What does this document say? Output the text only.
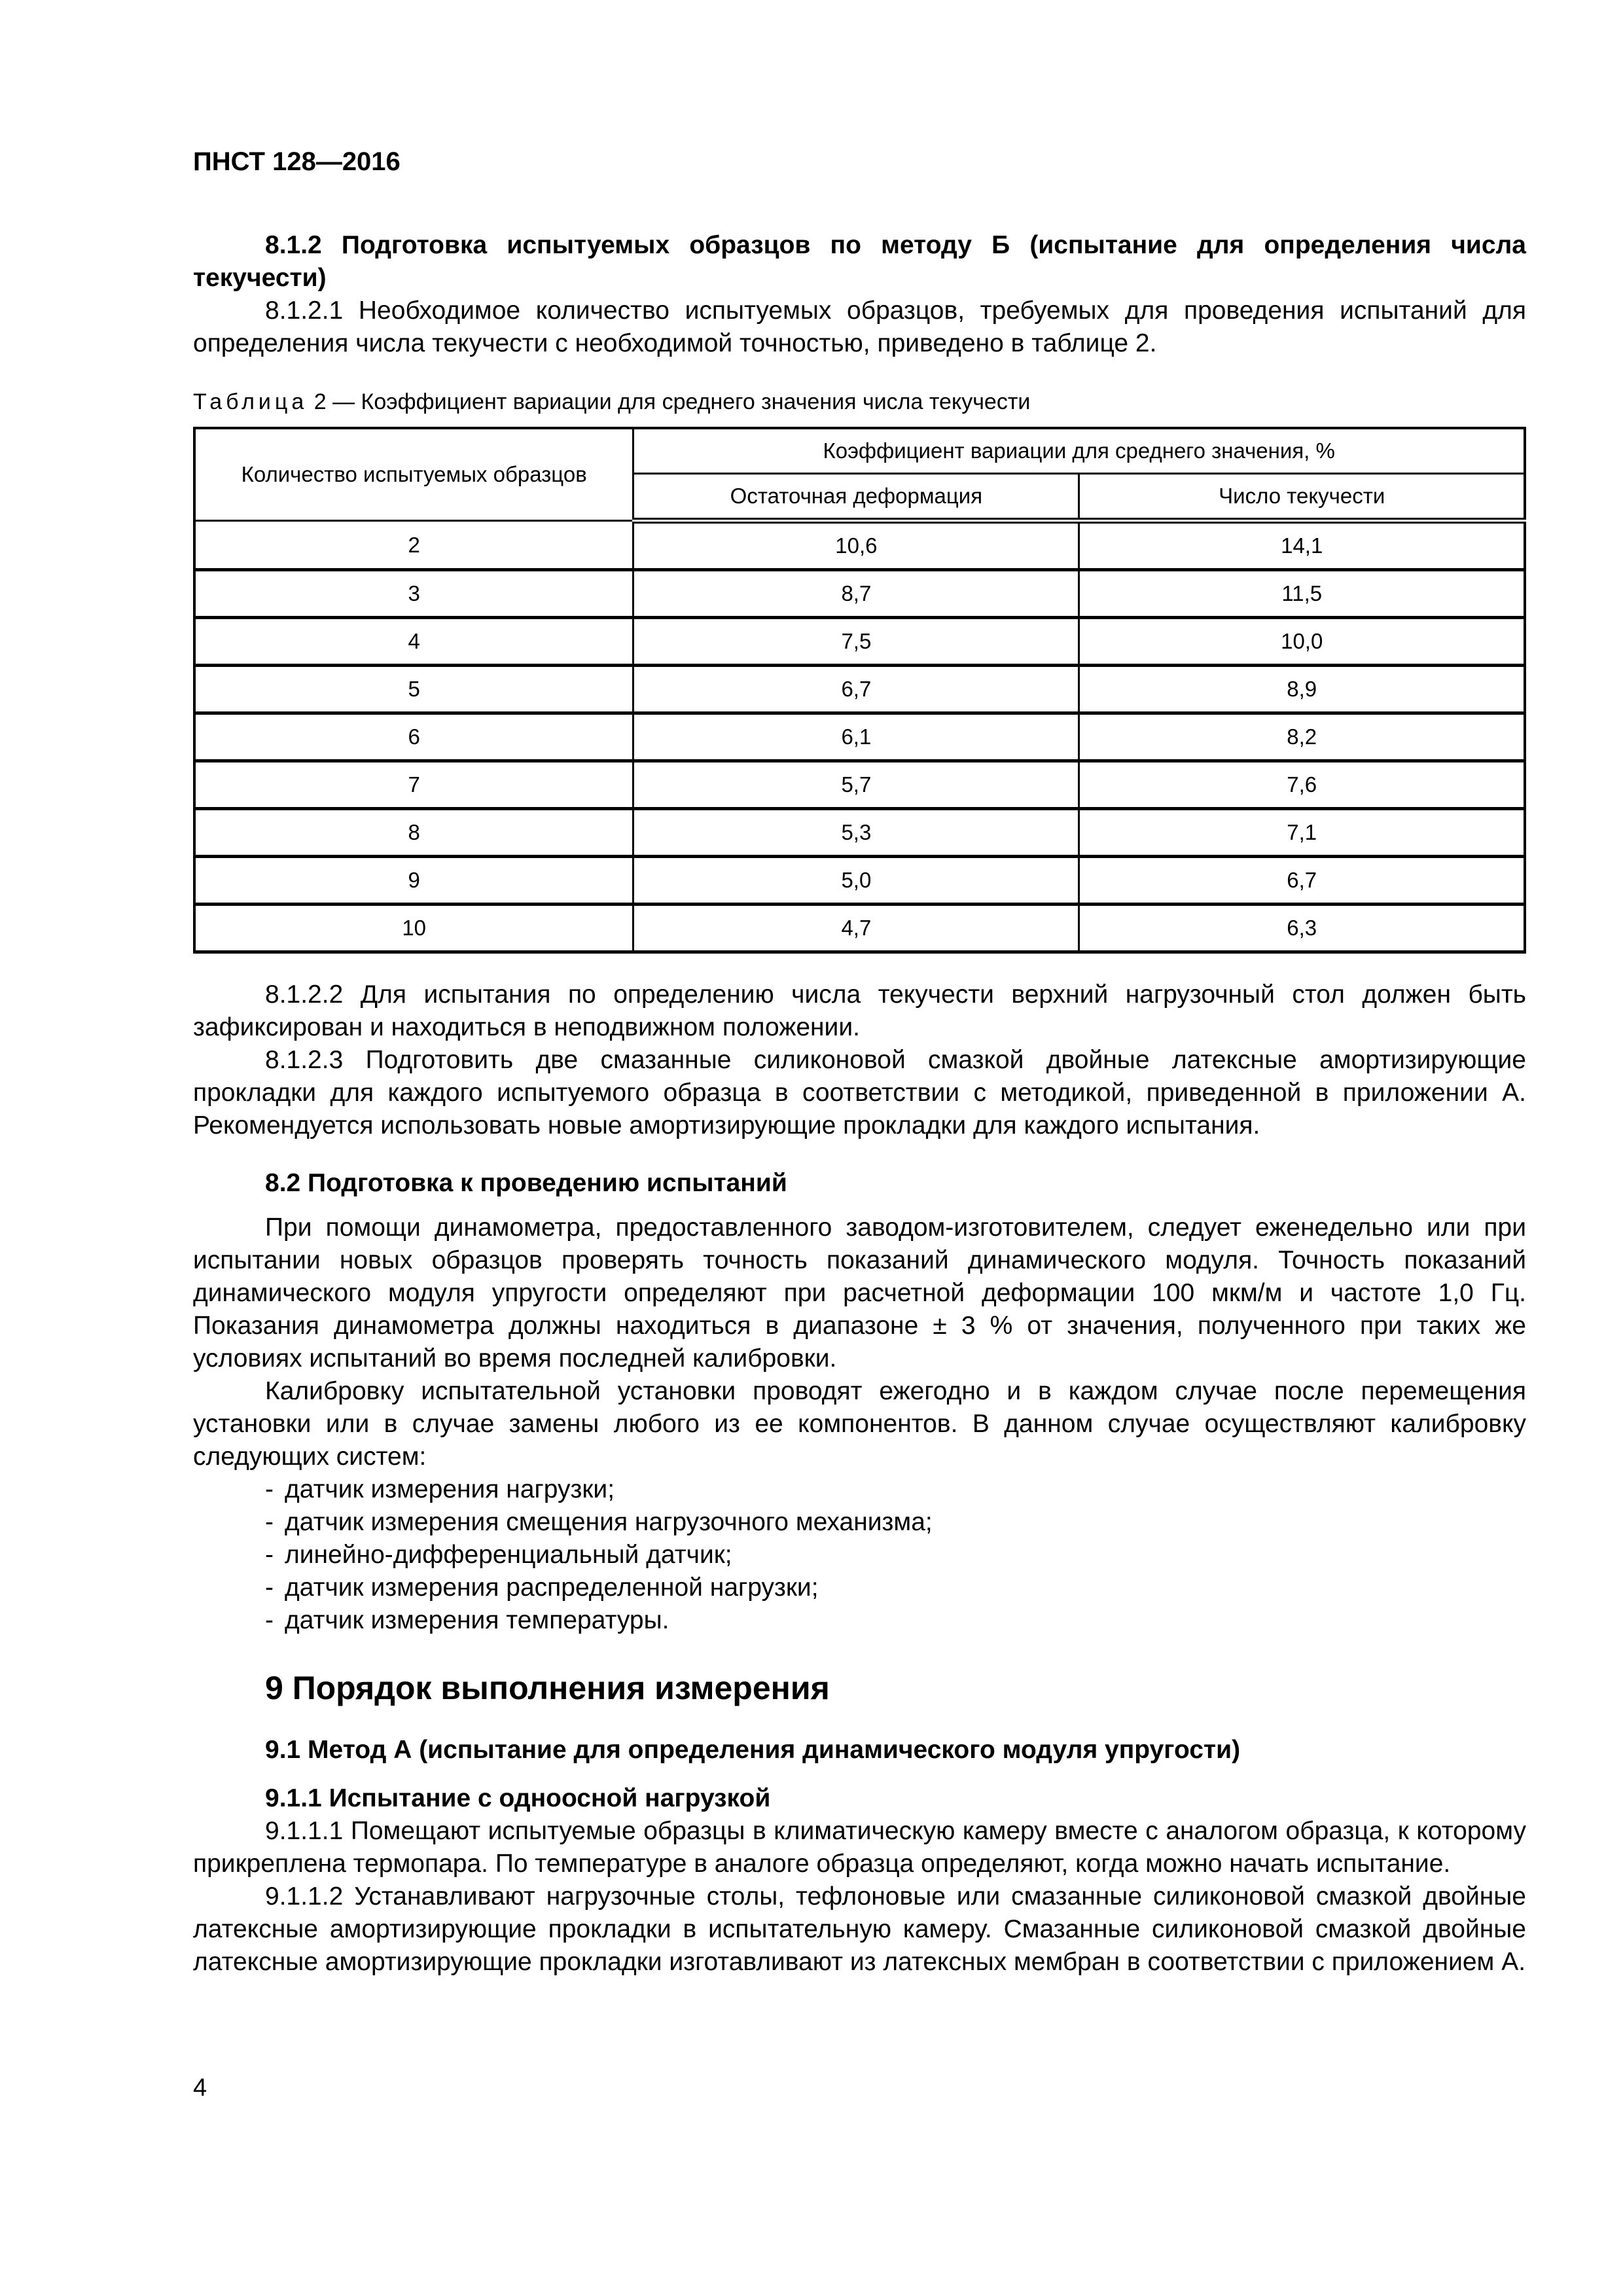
ПНСТ 128—2016

8.1.2 Подготовка испытуемых образцов по методу Б (испытание для определения числа текучести)

8.1.2.1 Необходимое количество испытуемых образцов, требуемых для проведения испытаний для определения числа текучести с необходимой точностью, приведено в таблице 2.

Таблица 2 — Коэффициент вариации для среднего значения числа текучести

Количество испытуемых образцов	Коэффициент вариации для среднего значения, %	
	Остаточная деформация	Число текучести
2	10,6	14,1
3	8,7	11,5
4	7,5	10,0
5	6,7	8,9
6	6,1	8,2
7	5,7	7,6
8	5,3	7,1
9	5,0	6,7
10	4,7	6,3

8.1.2.2 Для испытания по определению числа текучести верхний нагрузочный стол должен быть зафиксирован и находиться в неподвижном положении.

8.1.2.3 Подготовить две смазанные силиконовой смазкой двойные латексные амортизирующие прокладки для каждого испытуемого образца в соответствии с методикой, приведенной в приложении А. Рекомендуется использовать новые амортизирующие прокладки для каждого испытания.

8.2 Подготовка к проведению испытаний

При помощи динамометра, предоставленного заводом-изготовителем, следует еженедельно или при испытании новых образцов проверять точность показаний динамического модуля. Точность показаний динамического модуля упругости определяют при расчетной деформации 100 мкм/м и частоте 1,0 Гц. Показания динамометра должны находиться в диапазоне ± 3 % от значения, полученного при таких же условиях испытаний во время последней калибровки.

Калибровку испытательной установки проводят ежегодно и в каждом случае после перемещения установки или в случае замены любого из ее компонентов. В данном случае осуществляют калибровку следующих систем:

- датчик измерения нагрузки;
- датчик измерения смещения нагрузочного механизма;
- линейно-дифференциальный датчик;
- датчик измерения распределенной нагрузки;
- датчик измерения температуры.

9 Порядок выполнения измерения

9.1 Метод А (испытание для определения динамического модуля упругости)

9.1.1 Испытание с одноосной нагрузкой

9.1.1.1 Помещают испытуемые образцы в климатическую камеру вместе с аналогом образца, к которому прикреплена термопара. По температуре в аналоге образца определяют, когда можно начать испытание.

9.1.1.2 Устанавливают нагрузочные столы, тефлоновые или смазанные силиконовой смазкой двойные латексные амортизирующие прокладки в испытательную камеру. Смазанные силиконовой смазкой двойные латексные амортизирующие прокладки изготавливают из латексных мембран в соответствии с приложением А.

4
